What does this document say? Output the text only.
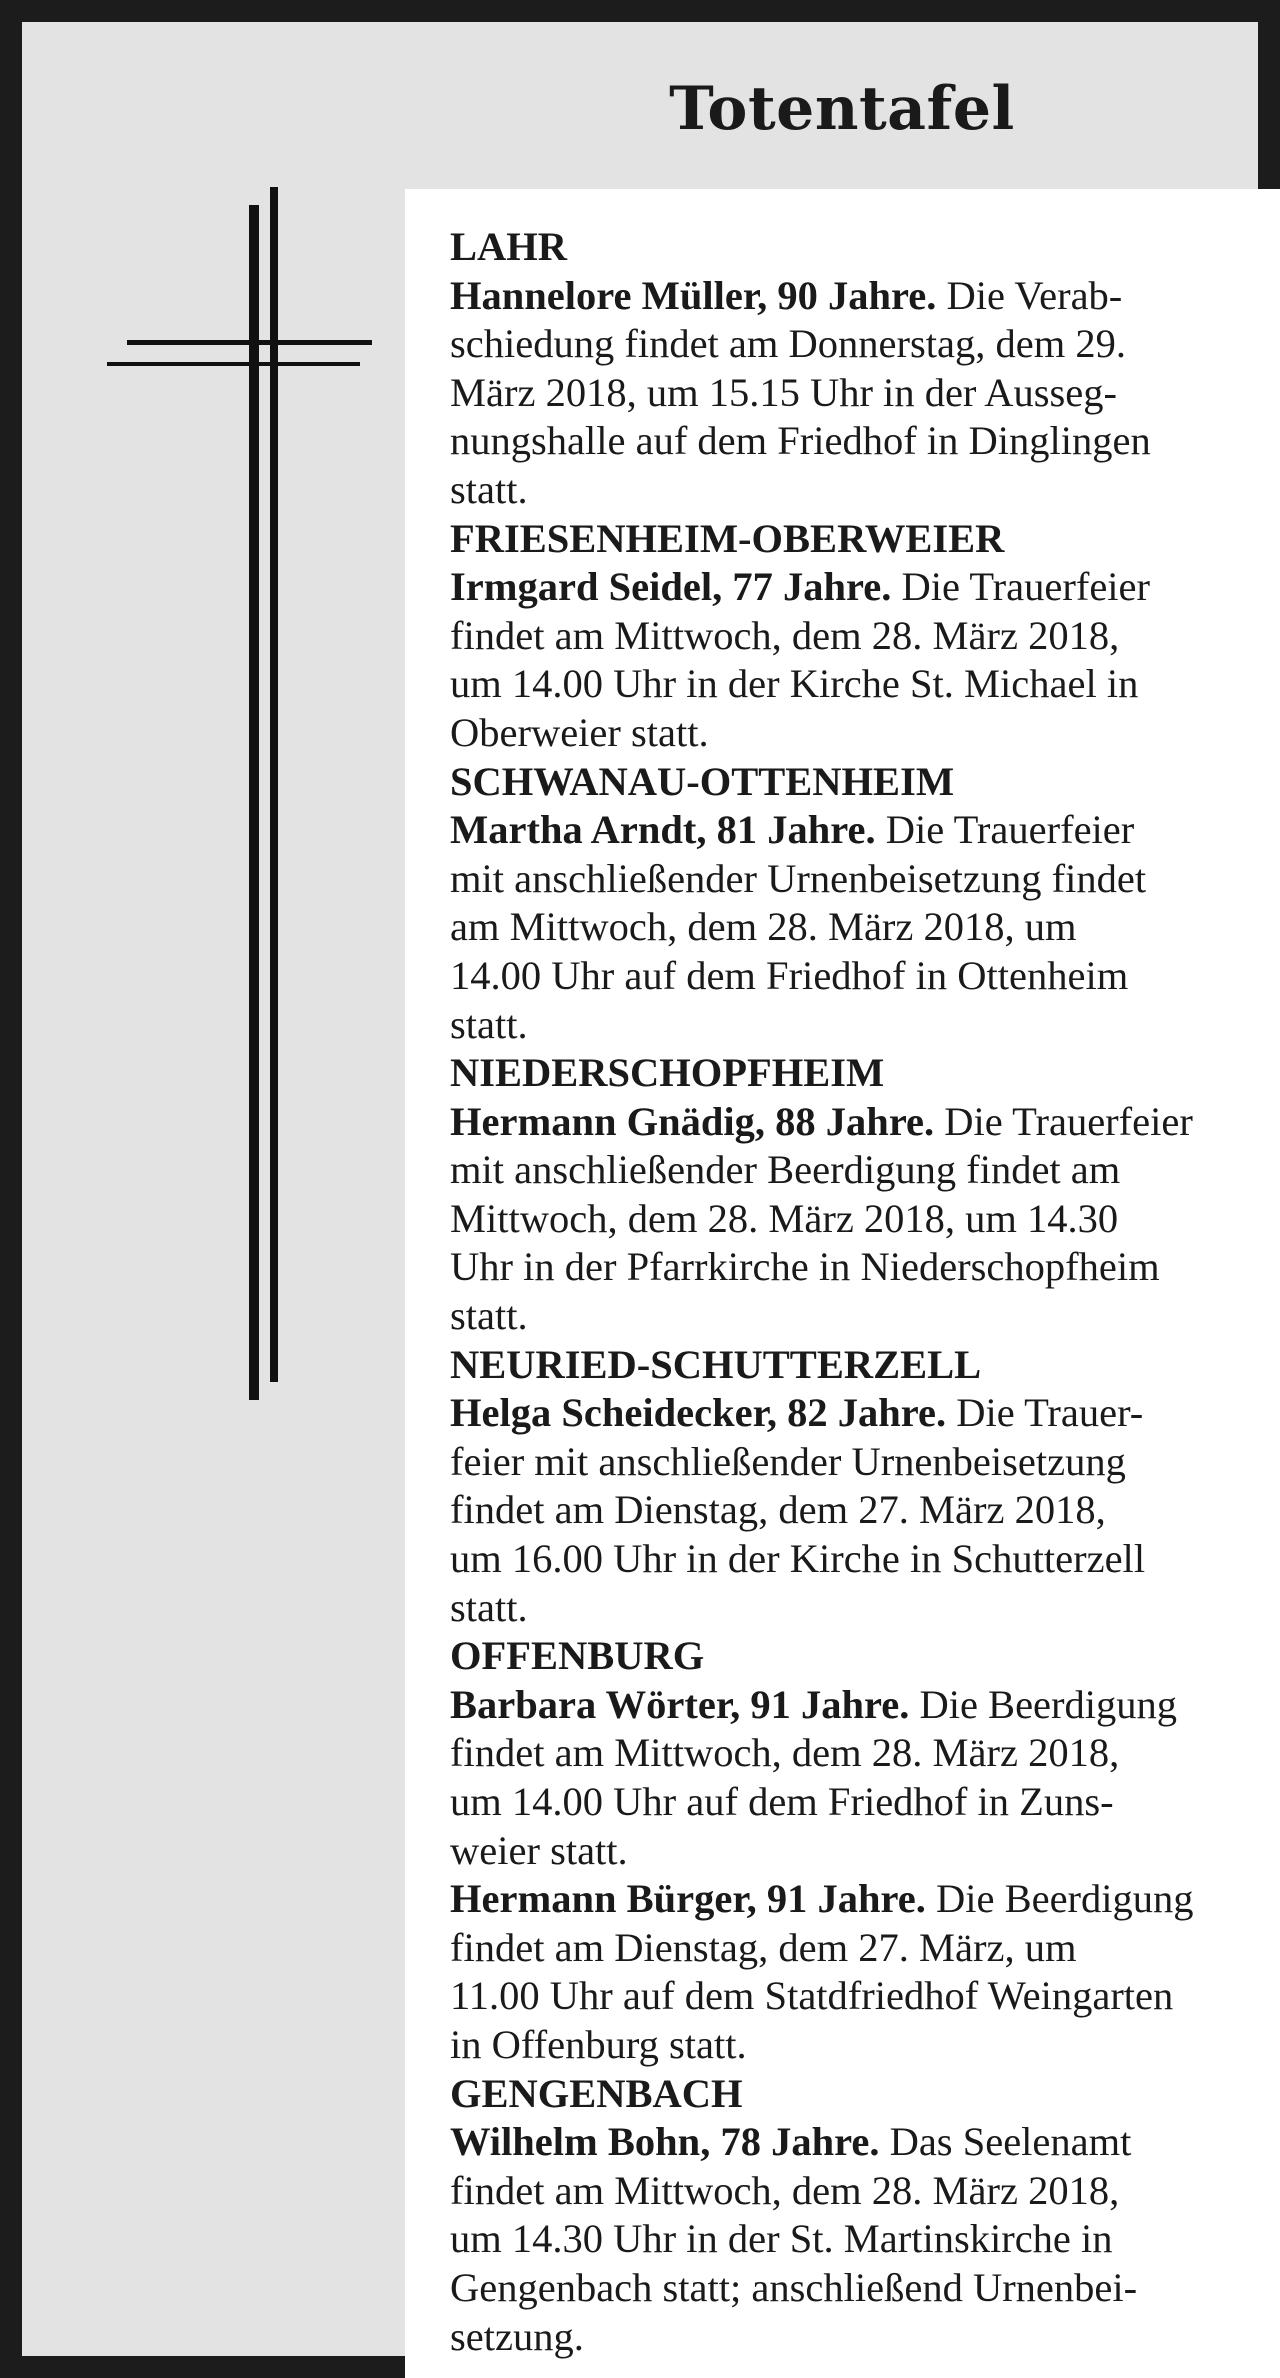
Totentafel
LAHR
Hannelore Müller, 90 Jahre. Die Verab-
schiedung findet am Donnerstag, dem 29.
März 2018, um 15.15 Uhr in der Ausseg-
nungshalle auf dem Friedhof in Dinglingen
statt.
FRIESENHEIM-OBERWEIER
Irmgard Seidel, 77 Jahre. Die Trauerfeier
findet am Mittwoch, dem 28. März 2018,
um 14.00 Uhr in der Kirche St. Michael in
Oberweier statt.
SCHWANAU-OTTENHEIM
Martha Arndt, 81 Jahre. Die Trauerfeier
mit anschließender Urnenbeisetzung findet
am Mittwoch, dem 28. März 2018, um
14.00 Uhr auf dem Friedhof in Ottenheim
statt.
NIEDERSCHOPFHEIM
Hermann Gnädig, 88 Jahre. Die Trauerfeier
mit anschließender Beerdigung findet am
Mittwoch, dem 28. März 2018, um 14.30
Uhr in der Pfarrkirche in Niederschopfheim
statt.
NEURIED-SCHUTTERZELL
Helga Scheidecker, 82 Jahre. Die Trauer-
feier mit anschließender Urnenbeisetzung
findet am Dienstag, dem 27. März 2018,
um 16.00 Uhr in der Kirche in Schutterzell
statt.
OFFENBURG
Barbara Wörter, 91 Jahre. Die Beerdigung
findet am Mittwoch, dem 28. März 2018,
um 14.00 Uhr auf dem Friedhof in Zuns-
weier statt.
Hermann Bürger, 91 Jahre. Die Beerdigung
findet am Dienstag, dem 27. März, um
11.00 Uhr auf dem Statdfriedhof Weingarten
in Offenburg statt.
GENGENBACH
Wilhelm Bohn, 78 Jahre. Das Seelenamt
findet am Mittwoch, dem 28. März 2018,
um 14.30 Uhr in der St. Martinskirche in
Gengenbach statt; anschließend Urnenbei-
setzung.
